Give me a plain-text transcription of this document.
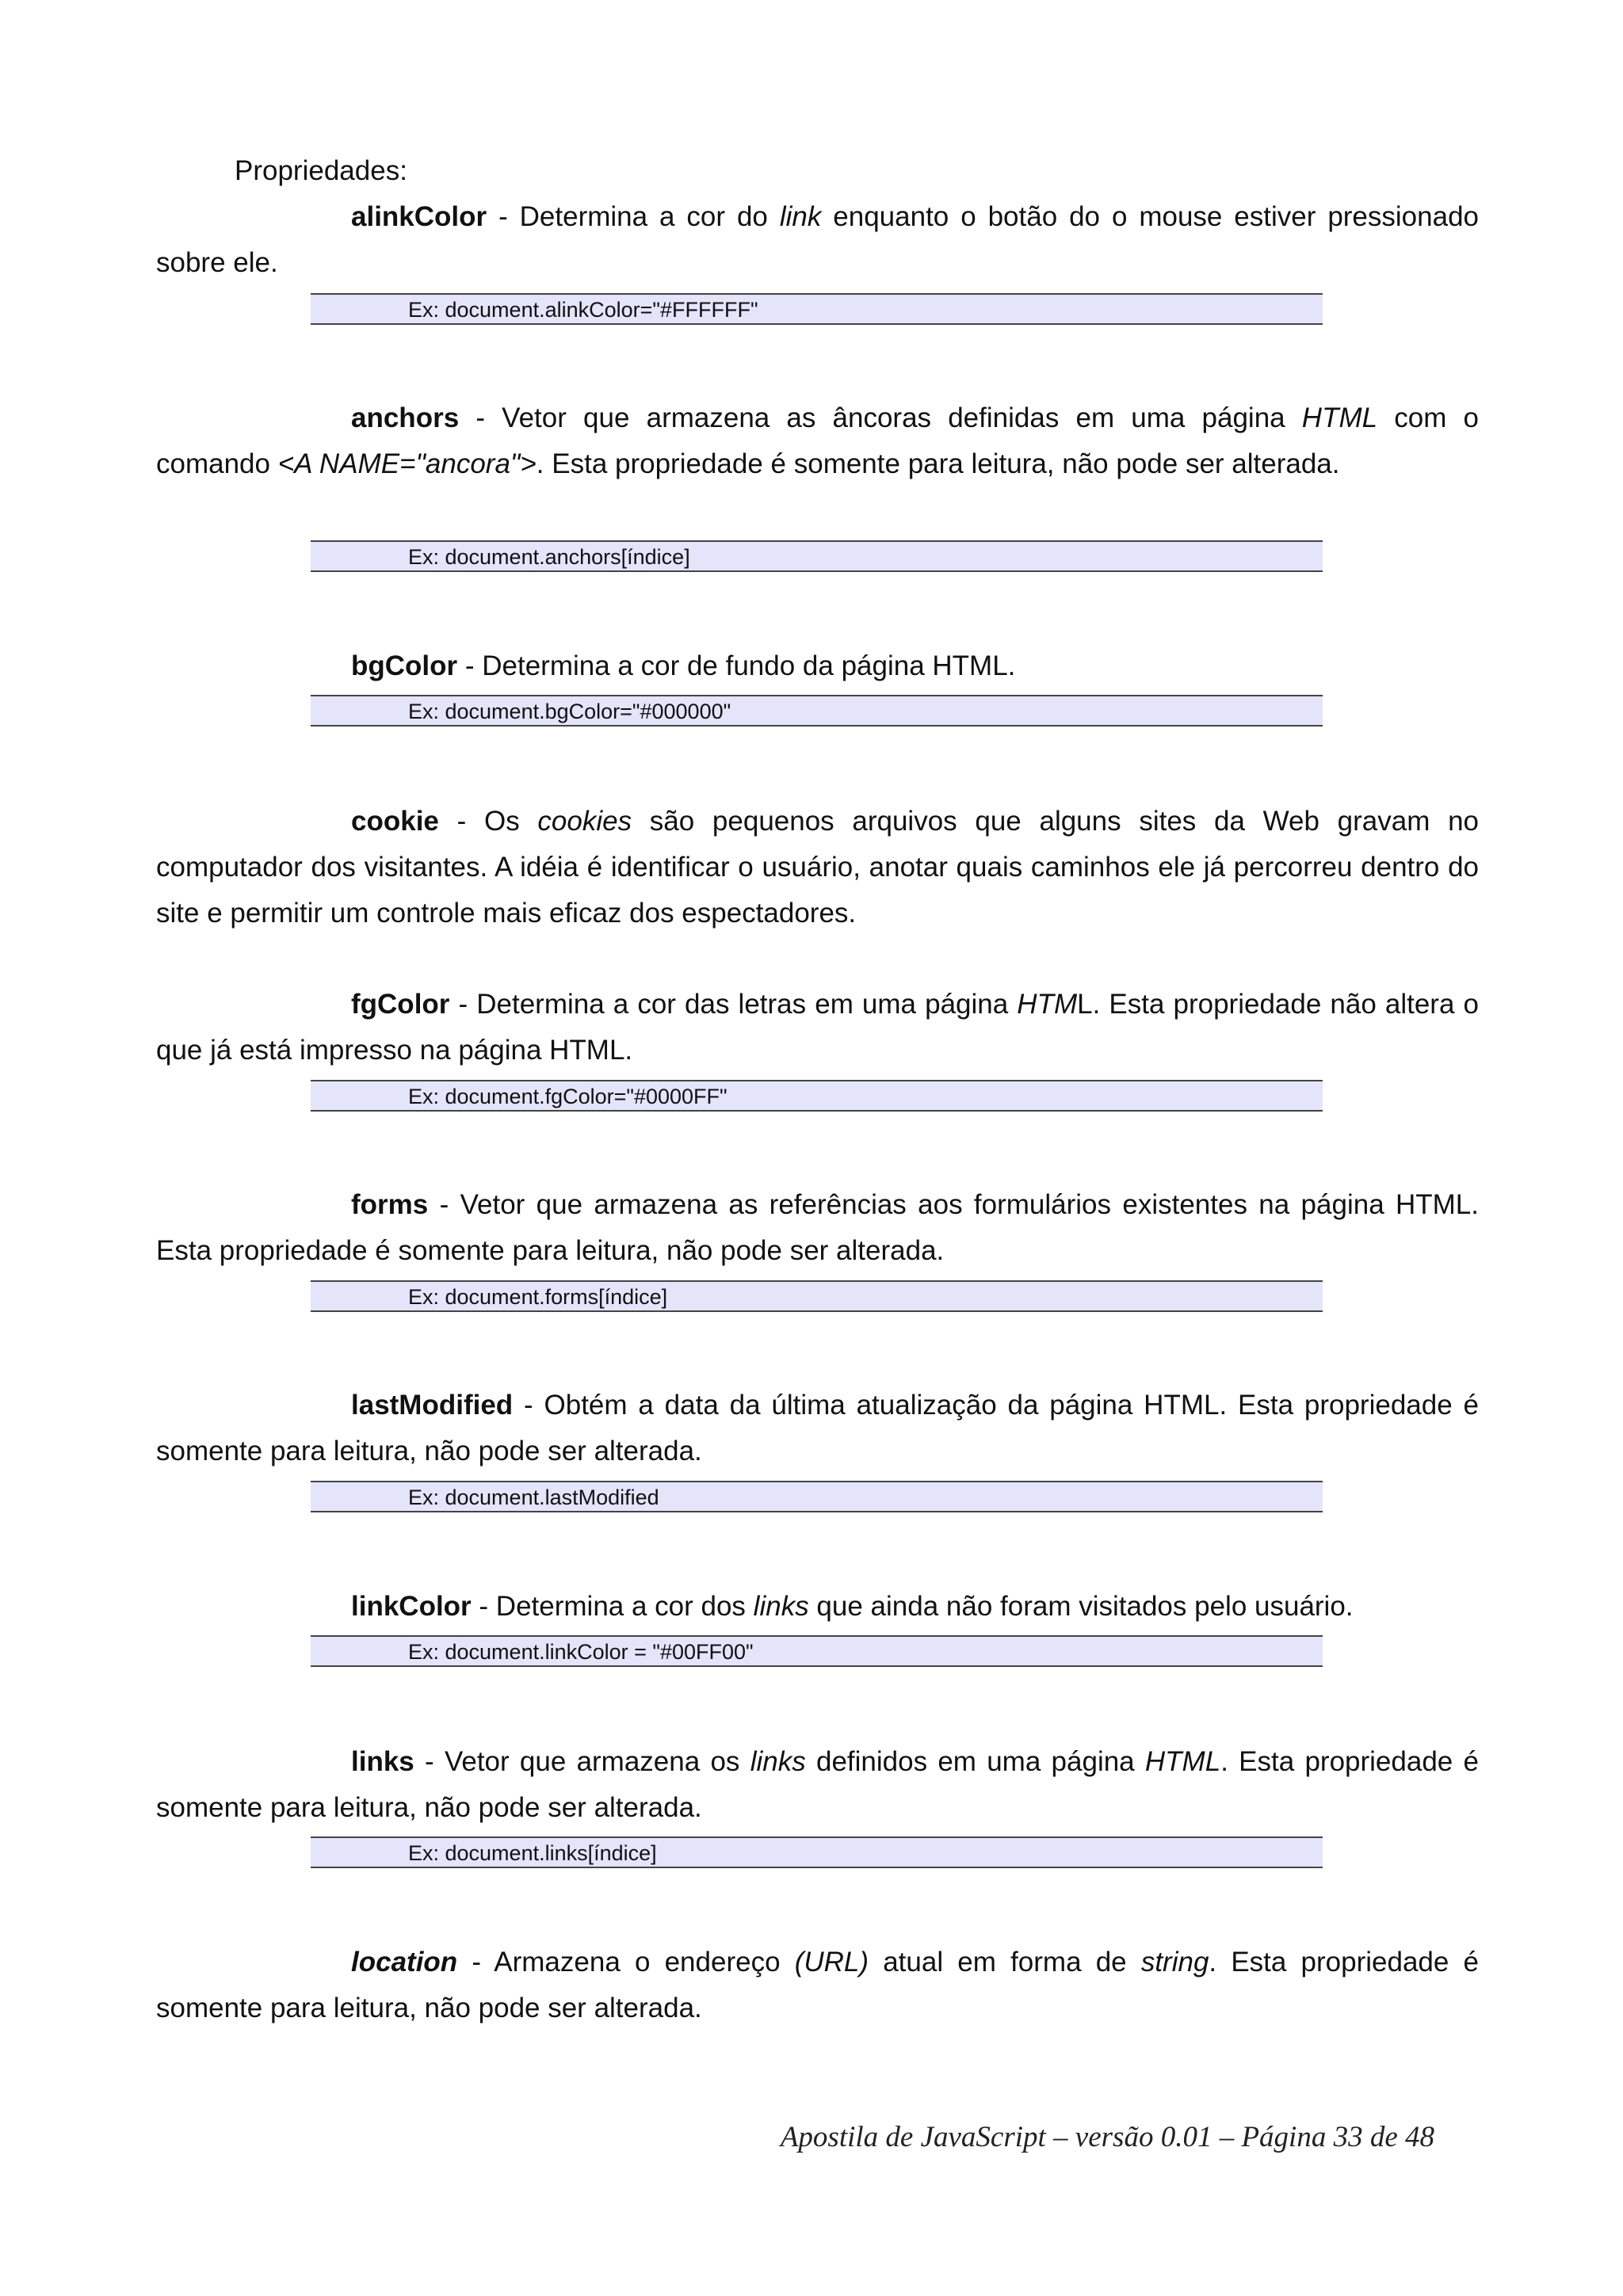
Propriedades:

alinkColor - Determina a cor do link enquanto o botão do o mouse estiver pressionado sobre ele.

Ex: document.alinkColor="#FFFFFF"

anchors - Vetor que armazena as âncoras definidas em uma página HTML com o comando <A NAME="ancora">. Esta propriedade é somente para leitura, não pode ser alterada.

Ex: document.anchors[índice]

bgColor - Determina a cor de fundo da página HTML.

Ex: document.bgColor="#000000"

cookie - Os cookies são pequenos arquivos que alguns sites da Web gravam no computador dos visitantes. A idéia é identificar o usuário, anotar quais caminhos ele já percorreu dentro do site e permitir um controle mais eficaz dos espectadores.

fgColor - Determina a cor das letras em uma página HTML. Esta propriedade não altera o que já está impresso na página HTML.

Ex: document.fgColor="#0000FF"

forms - Vetor que armazena as referências aos formulários existentes na página HTML. Esta propriedade é somente para leitura, não pode ser alterada.

Ex: document.forms[índice]

lastModified - Obtém a data da última atualização da página HTML. Esta propriedade é somente para leitura, não pode ser alterada.

Ex: document.lastModified

linkColor - Determina a cor dos links que ainda não foram visitados pelo usuário.

Ex: document.linkColor = "#00FF00"

links - Vetor que armazena os links definidos em uma página HTML. Esta propriedade é somente para leitura, não pode ser alterada.

Ex: document.links[índice]

location - Armazena o endereço (URL) atual em forma de string. Esta propriedade é somente para leitura, não pode ser alterada.

Apostila de JavaScript – versão 0.01 – Página 33 de 48
